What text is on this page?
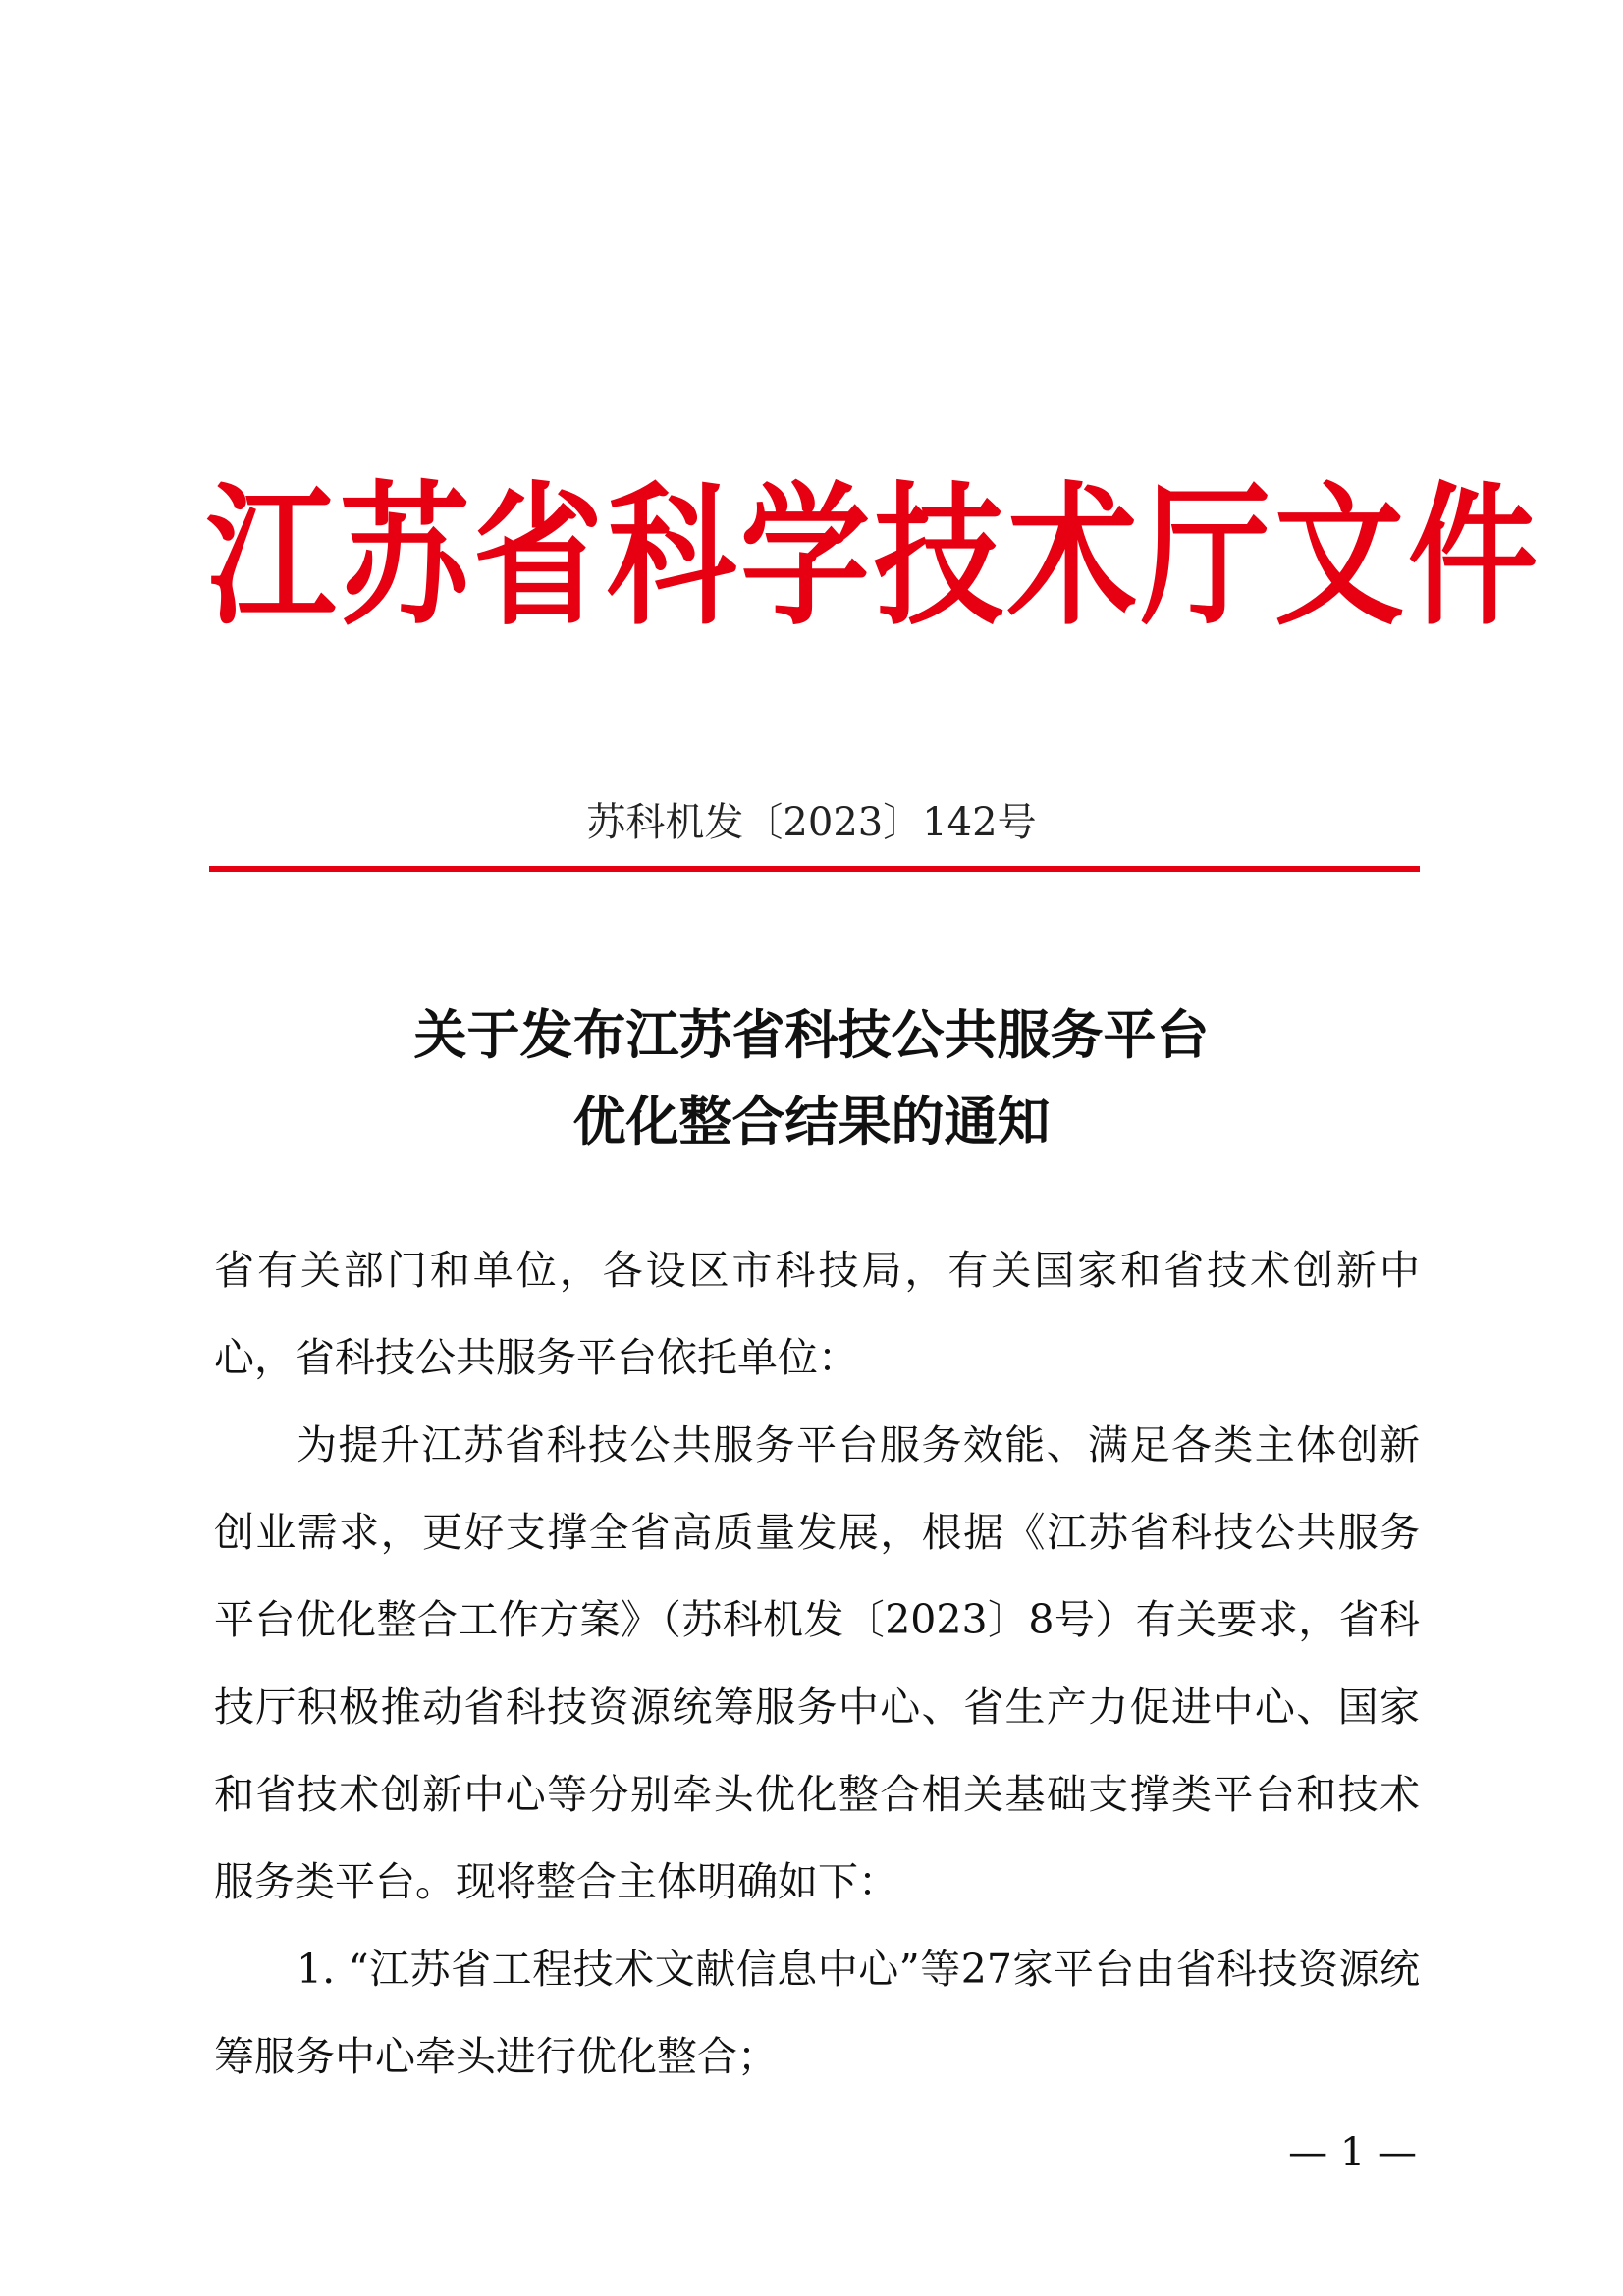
江苏省科学技术厅文件
苏科机发〔2023〕142号
关于发布江苏省科技公共服务平台
优化整合结果的通知

省有关部门和单位，各设区市科技局，有关国家和省技术创新中心，省科技公共服务平台依托单位：

为提升江苏省科技公共服务平台服务效能、满足各类主体创新创业需求，更好支撑全省高质量发展，根据《江苏省科技公共服务平台优化整合工作方案》（苏科机发〔2023〕8号）有关要求，省科技厅积极推动省科技资源统筹服务中心、省生产力促进中心、国家和省技术创新中心等分别牵头优化整合相关基础支撑类平台和技术服务类平台。现将整合主体明确如下：

1. “江苏省工程技术文献信息中心”等27家平台由省科技资源统筹服务中心牵头进行优化整合；

— 1 —
